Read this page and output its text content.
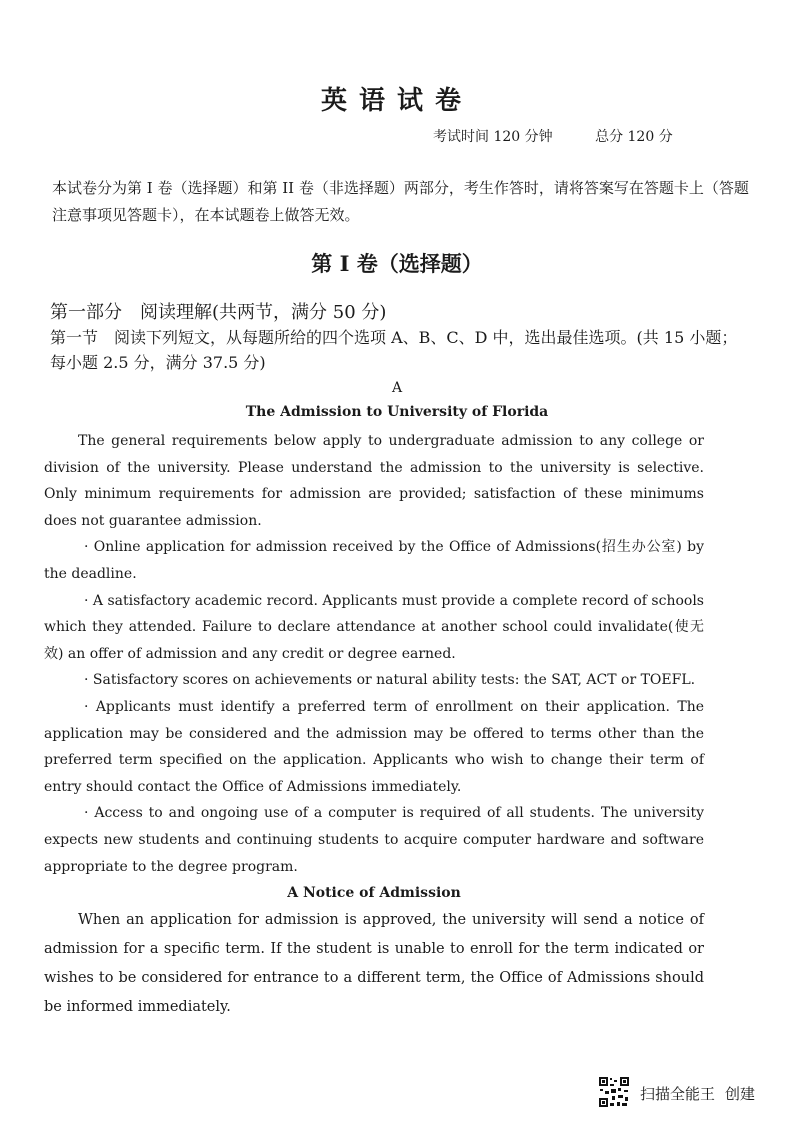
英语试卷
考试时间 120 分钟	总分 120 分
本试卷分为第 I 卷（选择题）和第 II 卷（非选择题）两部分，考生作答时，请将答案写在答题卡上（答题注意事项见答题卡），在本试题卷上做答无效。
第 I 卷（选择题）
第一部分　阅读理解(共两节，满分 50 分)
第一节　阅读下列短文，从每题所给的四个选项 A、B、C、D 中，选出最佳选项。(共 15 小题；每小题 2.5 分，满分 37.5 分)
A
The Admission to University of Florida

The general requirements below apply to undergraduate admission to any college or division of the university. Please understand the admission to the university is selective. Only minimum requirements for admission are provided; satisfaction of these minimums does not guarantee admission.

· Online application for admission received by the Office of Admissions(招生办公室) by the deadline.

· A satisfactory academic record. Applicants must provide a complete record of schools which they attended. Failure to declare attendance at another school could invalidate(使无效) an offer of admission and any credit or degree earned.

· Satisfactory scores on achievements or natural ability tests: the SAT, ACT or TOEFL.

· Applicants must identify a preferred term of enrollment on their application. The application may be considered and the admission may be offered to terms other than the preferred term specified on the application. Applicants who wish to change their term of entry should contact the Office of Admissions immediately.

· Access to and ongoing use of a computer is required of all students. The university expects new students and continuing students to acquire computer hardware and software appropriate to the degree program.

A Notice of Admission

When an application for admission is approved, the university will send a notice of admission for a specific term. If the student is unable to enroll for the term indicated or wishes to be considered for entrance to a different term, the Office of Admissions should be informed immediately.

扫描全能王 创建
